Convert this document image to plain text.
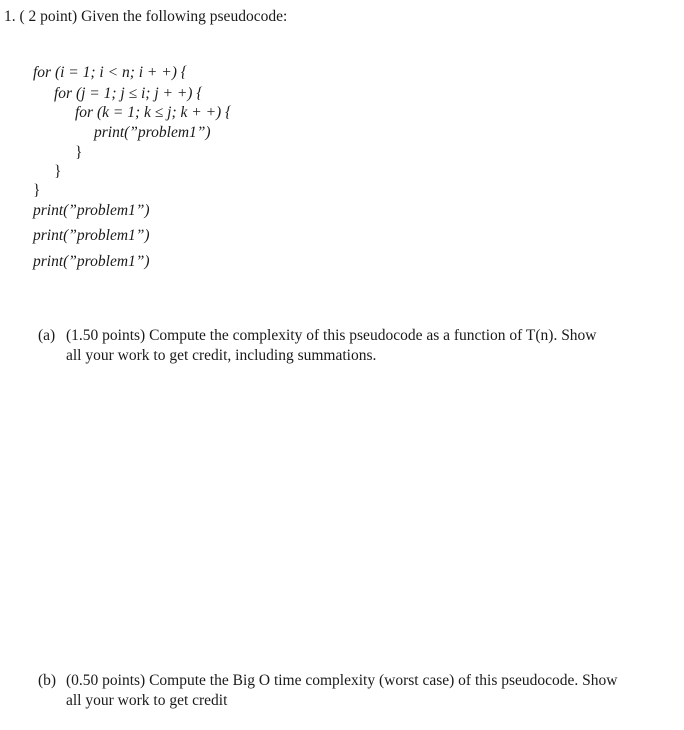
1. ( 2 point) Given the following pseudocode:
for (i = 1; i < n; i + +) {
for (j = 1; j ≤ i; j + +) {
for (k = 1; k ≤ j; k + +) {
print(”problem1”)
}
}
}
print(”problem1”)
print(”problem1”)
print(”problem1”)
(a) (1.50 points) Compute the complexity of this pseudocode as a function of T(n). Show
all your work to get credit, including summations.
(b) (0.50 points) Compute the Big O time complexity (worst case) of this pseudocode. Show
all your work to get credit
